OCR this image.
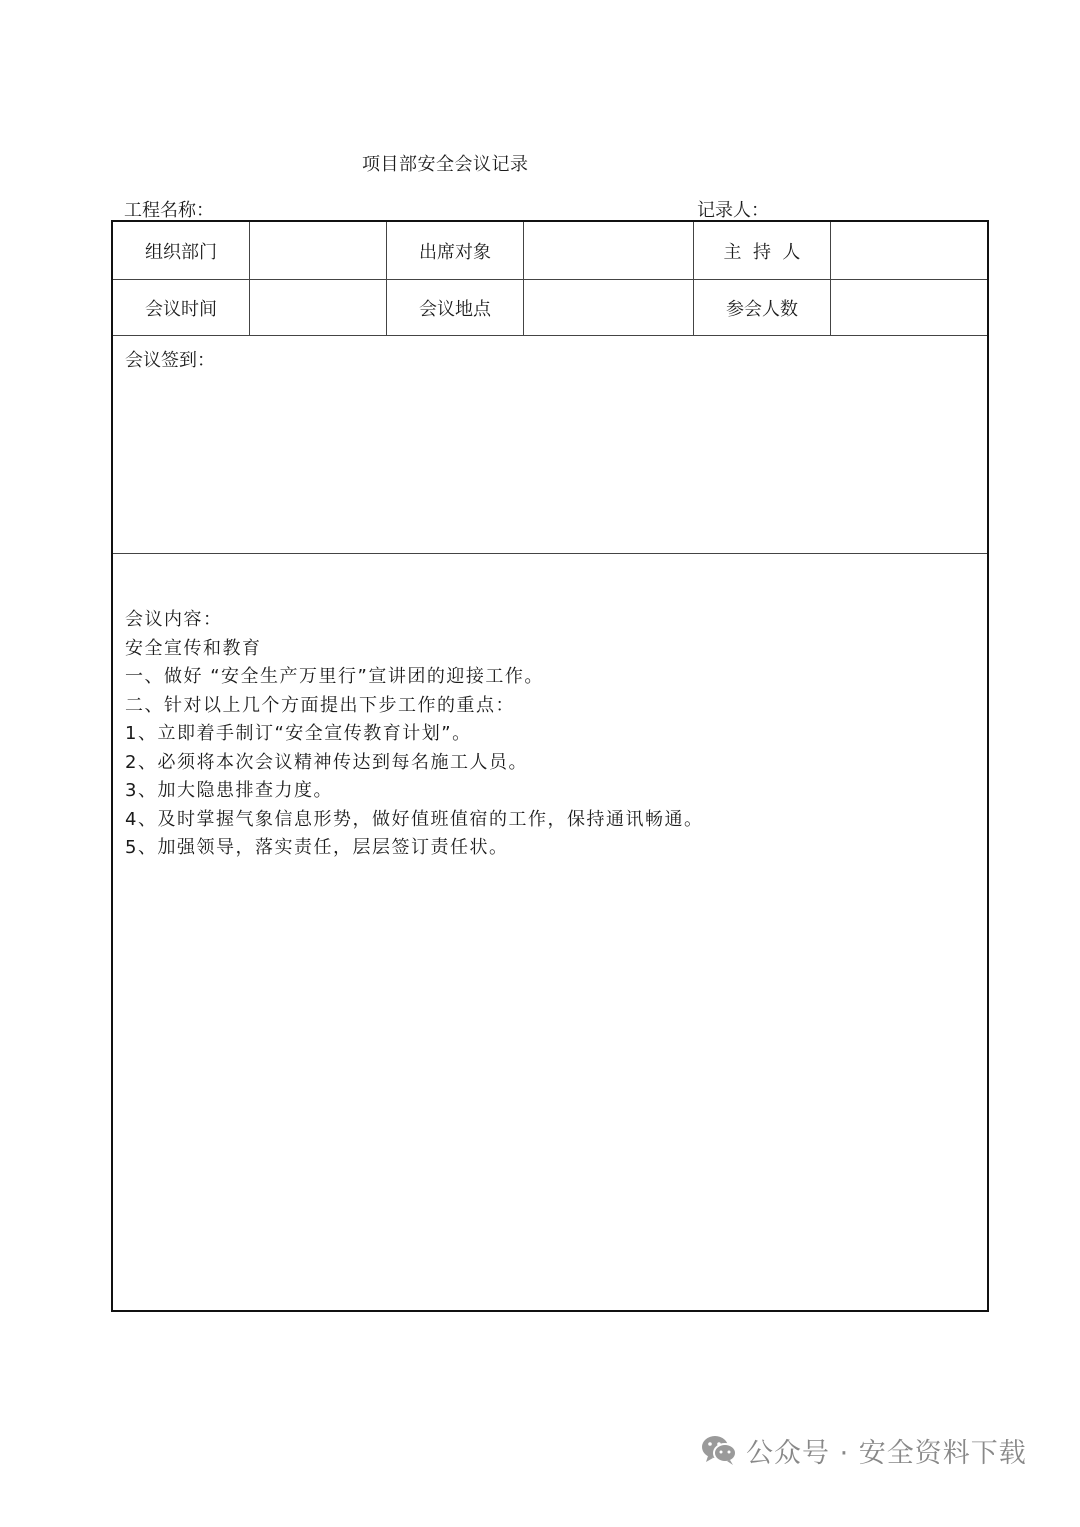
项目部安全会议记录
工程名称：	记录人：
组织部门	出席对象	主  持  人
会议时间	会议地点	参会人数
会议签到：
会议内容：
安全宣传和教育
一、做好 “安全生产万里行”宣讲团的迎接工作。
二、针对以上几个方面提出下步工作的重点：
1、立即着手制订“安全宣传教育计划”。
2、必须将本次会议精神传达到每名施工人员。
3、加大隐患排查力度。
4、及时掌握气象信息形势，做好值班值宿的工作，保持通讯畅通。
5、加强领导，落实责任，层层签订责任状。
公众号 · 安全资料下载
